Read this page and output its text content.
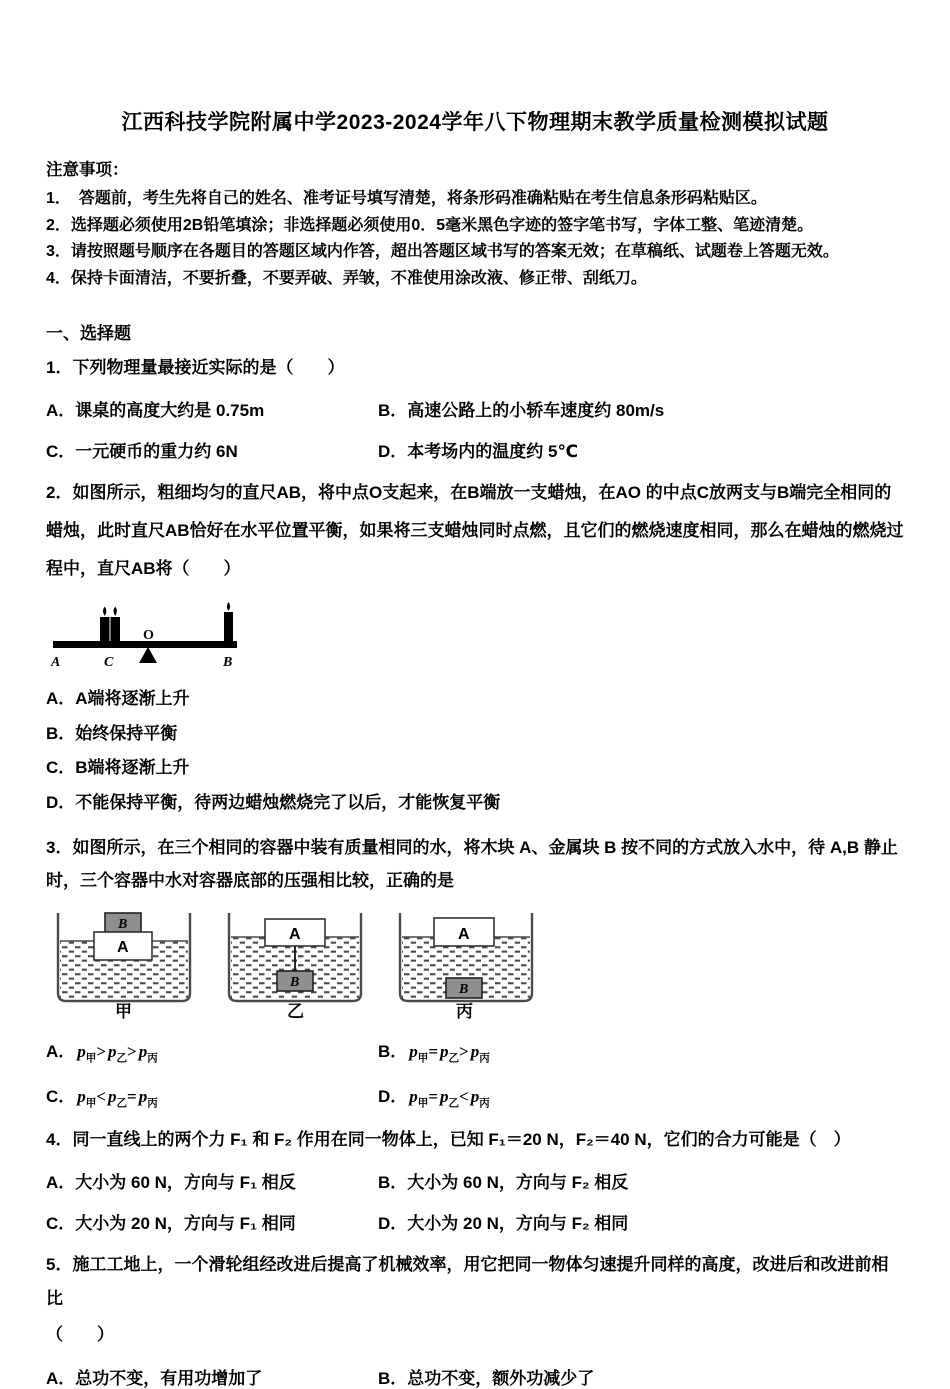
江西科技学院附属中学2023-2024学年八下物理期末教学质量检测模拟试题
注意事项：
1．　答题前，考生先将自己的姓名、准考证号填写清楚，将条形码准确粘贴在考生信息条形码粘贴区。
2．选择题必须使用2B铅笔填涂；非选择题必须使用0．5毫米黑色字迹的签字笔书写，字体工整、笔迹清楚。
3．请按照题号顺序在各题目的答题区域内作答，超出答题区域书写的答案无效；在草稿纸、试题卷上答题无效。
4．保持卡面清洁，不要折叠，不要弄破、弄皱，不准使用涂改液、修正带、刮纸刀。
一、选择题
1．下列物理量最接近实际的是（　　）
A．课桌的高度大约是 0.75m	B．高速公路上的小轿车速度约 80m/s
C．一元硬币的重力约 6N	D．本考场内的温度约 5℃
2．如图所示，粗细均匀的直尺AB，将中点O支起来，在B端放一支蜡烛，在AO 的中点C放两支与B端完全相同的蜡烛，此时直尺AB恰好在水平位置平衡，如果将三支蜡烛同时点燃，且它们的燃烧速度相同，那么在蜡烛的燃烧过程中，直尺AB将（　　）
O
A	C	B
A．A端将逐渐上升
B．始终保持平衡
C．B端将逐渐上升
D．不能保持平衡，待两边蜡烛燃烧完了以后，才能恢复平衡
3．如图所示，在三个相同的容器中装有质量相同的水，将木块 A、金属块 B 按不同的方式放入水中，待 A,B 静止时，三个容器中水对容器底部的压强相比较，正确的是
B
A
甲
A
B
乙
A
B
丙
A． $p_甲> p_乙> p_丙$	B． $p_甲= p_乙> p_丙$
C． $p_甲< p_乙= p_丙$	D． $p_甲= p_乙< p_丙$
4．同一直线上的两个力 F₁ 和 F₂ 作用在同一物体上，已知 F₁＝20 N，F₂＝40 N，它们的合力可能是（　）
A．大小为 60 N，方向与 F₁ 相反	B．大小为 60 N，方向与 F₂ 相反
C．大小为 20 N，方向与 F₁ 相同	D．大小为 20 N，方向与 F₂ 相同
5．施工工地上，一个滑轮组经改进后提高了机械效率，用它把同一物体匀速提升同样的高度，改进后和改进前相比
（　　）
A．总功不变，有用功增加了	B．总功不变，额外功减少了
